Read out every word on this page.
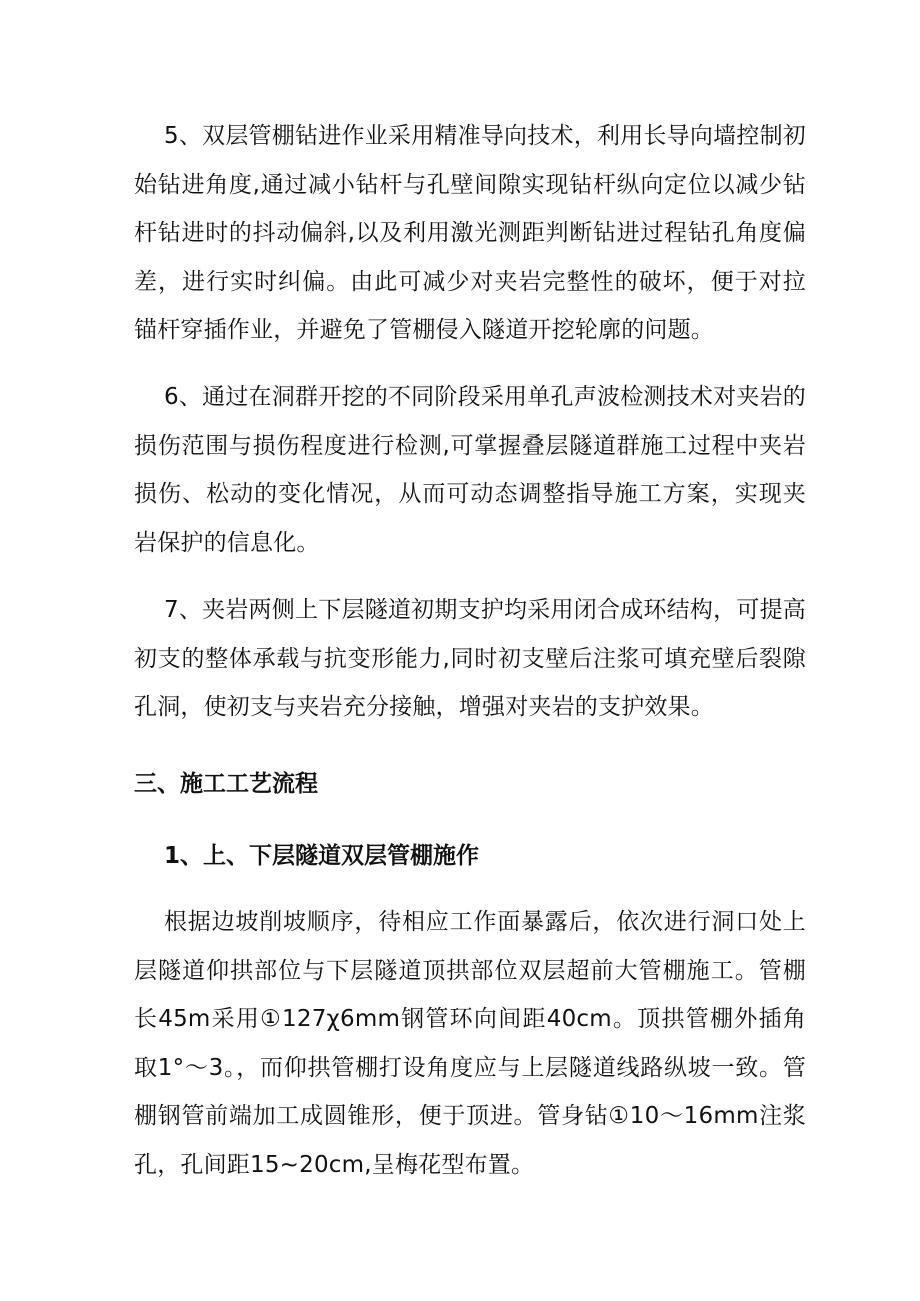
5、双层管棚钻进作业采用精准导向技术，利用长导向墙控制初始钻进角度,通过减小钻杆与孔壁间隙实现钻杆纵向定位以减少钻杆钻进时的抖动偏斜,以及利用激光测距判断钻进过程钻孔角度偏差，进行实时纠偏。由此可减少对夹岩完整性的破坏，便于对拉锚杆穿插作业，并避免了管棚侵入隧道开挖轮廓的问题。

6、通过在洞群开挖的不同阶段采用单孔声波检测技术对夹岩的损伤范围与损伤程度进行检测,可掌握叠层隧道群施工过程中夹岩损伤、松动的变化情况，从而可动态调整指导施工方案，实现夹岩保护的信息化。

7、夹岩两侧上下层隧道初期支护均采用闭合成环结构，可提高初支的整体承载与抗变形能力,同时初支壁后注浆可填充壁后裂隙孔洞，使初支与夹岩充分接触，增强对夹岩的支护效果。

三、施工工艺流程
1、上、下层隧道双层管棚施作

根据边坡削坡顺序，待相应工作面暴露后，依次进行洞口处上层隧道仰拱部位与下层隧道顶拱部位双层超前大管棚施工。管棚长45m采用①127χ6mm钢管环向间距40cm。顶拱管棚外插角取1°～3。，而仰拱管棚打设角度应与上层隧道线路纵坡一致。管棚钢管前端加工成圆锥形，便于顶进。管身钻①10～16mm注浆孔，孔间距15~20cm,呈梅花型布置。
